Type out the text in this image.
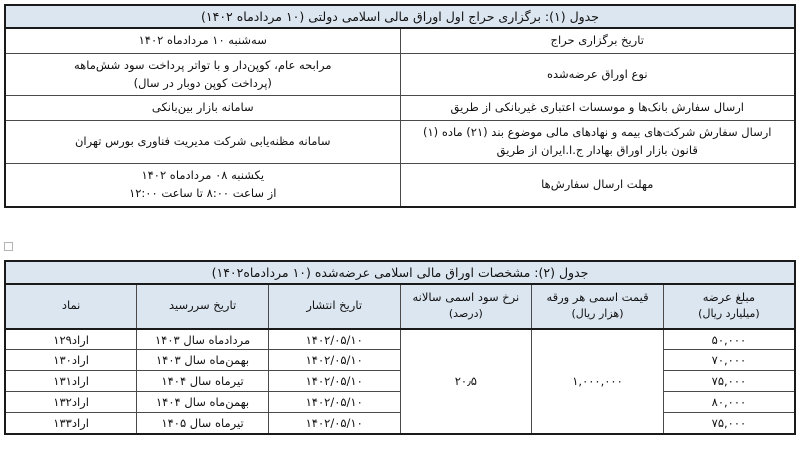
جدول (۱): برگزاری حراج اول اوراق مالی اسلامی دولتی (۱۰ مردادماه ۱۴۰۲)	
تاریخ برگزاری حراج	سه‌شنبه ۱۰ مردادماه ۱۴۰۲

نوع اوراق عرضه‌شده	مرابحه عام، کوپن‌دار و با تواتر پرداخت سود شش‌ماهه
(پرداخت کوپن دوبار در سال)

ارسال سفارش بانک‌ها و موسسات اعتباری غیربانکی از طریق	سامانه بازار بین‌بانکی

ارسال سفارش شرکت‌های بیمه و نهادهای مالی موضوع بند (۲۱) ماده (۱)
قانون بازار اوراق بهادار ج.ا.ایران از طریق	سامانه مظنه‌یابی شرکت مدیریت فناوری بورس تهران

مهلت ارسال سفارش‌ها	یکشنبه ۰۸ مردادماه ۱۴۰۲
از ساعت ۸:۰۰ تا ساعت ۱۲:۰۰
جدول (۲): مشخصات اوراق مالی اسلامی عرضه‌شده (۱۰ مردادماه۱۴۰۲)					
مبلغ عرضه
(میلیارد ریال)	قیمت اسمی هر ورقه
(هزار ریال)	نرخ سود اسمی سالانه
(درصد)	تاریخ انتشار	تاریخ سررسید	نماد
۵۰,۰۰۰	۱,۰۰۰,۰۰۰	۲۰٫۵	۱۴۰۲/۰۵/۱۰	مردادماه سال ۱۴۰۳	اراد۱۲۹
۷۰,۰۰۰			۱۴۰۲/۰۵/۱۰	بهمن‌ماه سال ۱۴۰۳	اراد۱۳۰
۷۵,۰۰۰			۱۴۰۲/۰۵/۱۰	تیرماه سال ۱۴۰۴	اراد۱۳۱
۸۰,۰۰۰			۱۴۰۲/۰۵/۱۰	بهمن‌ماه سال ۱۴۰۴	اراد۱۳۲
۷۵,۰۰۰			۱۴۰۲/۰۵/۱۰	تیرماه سال ۱۴۰۵	اراد۱۳۳
